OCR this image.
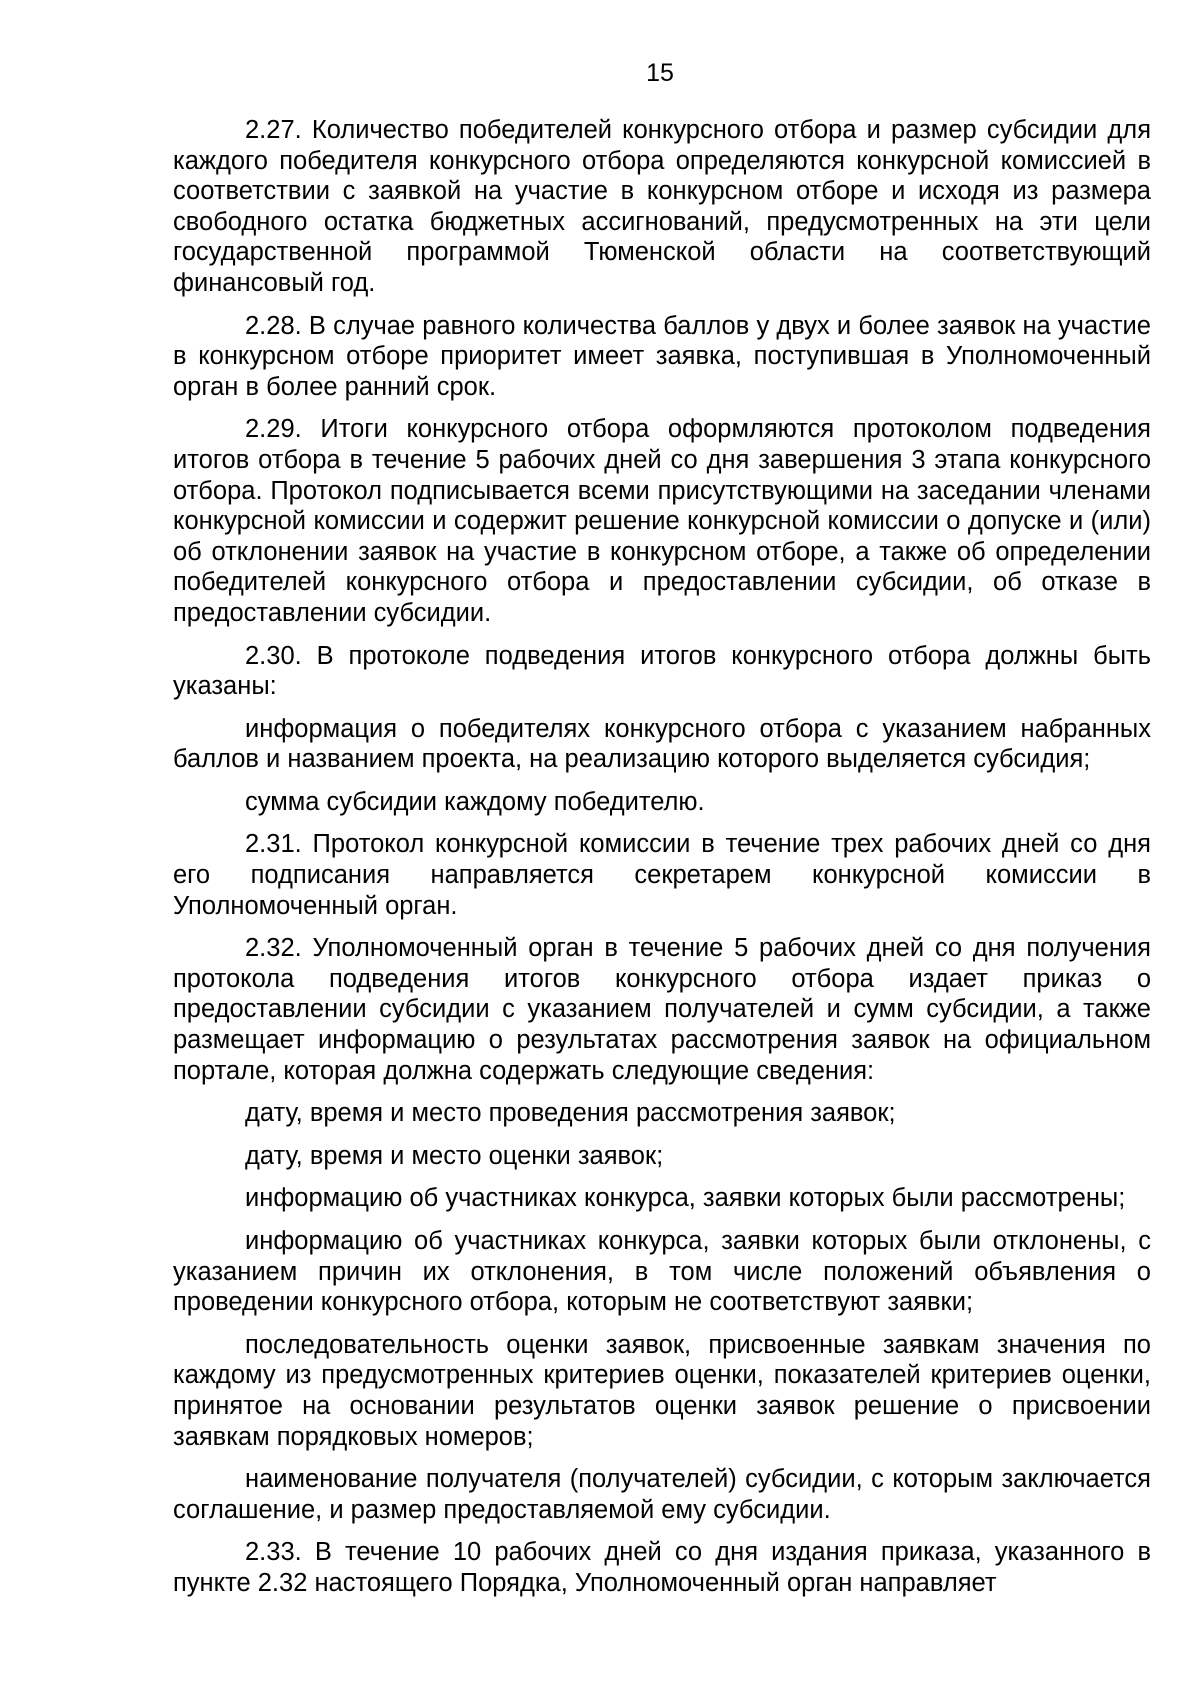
15

2.27. Количество победителей конкурсного отбора и размер субсидии для каждого победителя конкурсного отбора определяются конкурсной комиссией в соответствии с заявкой на участие в конкурсном отборе и исходя из размера свободного остатка бюджетных ассигнований, предусмотренных на эти цели государственной программой Тюменской области на соответствующий финансовый год.

2.28. В случае равного количества баллов у двух и более заявок на участие в конкурсном отборе приоритет имеет заявка, поступившая в Уполномоченный орган в более ранний срок.

2.29. Итоги конкурсного отбора оформляются протоколом подведения итогов отбора в течение 5 рабочих дней со дня завершения 3 этапа конкурсного отбора. Протокол подписывается всеми присутствующими на заседании членами конкурсной комиссии и содержит решение конкурсной комиссии о допуске и (или) об отклонении заявок на участие в конкурсном отборе, а также об определении победителей конкурсного отбора и предоставлении субсидии, об отказе в предоставлении субсидии.

2.30. В протоколе подведения итогов конкурсного отбора должны быть указаны:

информация о победителях конкурсного отбора с указанием набранных баллов и названием проекта, на реализацию которого выделяется субсидия;

сумма субсидии каждому победителю.

2.31. Протокол конкурсной комиссии в течение трех рабочих дней со дня его подписания направляется секретарем конкурсной комиссии в Уполномоченный орган.

2.32. Уполномоченный орган в течение 5 рабочих дней со дня получения протокола подведения итогов конкурсного отбора издает приказ о предоставлении субсидии с указанием получателей и сумм субсидии, а также размещает информацию о результатах рассмотрения заявок на официальном портале, которая должна содержать следующие сведения:

дату, время и место проведения рассмотрения заявок;

дату, время и место оценки заявок;

информацию об участниках конкурса, заявки которых были рассмотрены;

информацию об участниках конкурса, заявки которых были отклонены, с указанием причин их отклонения, в том числе положений объявления о проведении конкурсного отбора, которым не соответствуют заявки;

последовательность оценки заявок, присвоенные заявкам значения по каждому из предусмотренных критериев оценки, показателей критериев оценки, принятое на основании результатов оценки заявок решение о присвоении заявкам порядковых номеров;

наименование получателя (получателей) субсидии, с которым заключается соглашение, и размер предоставляемой ему субсидии.

2.33. В течение 10 рабочих дней со дня издания приказа, указанного в пункте 2.32 настоящего Порядка, Уполномоченный орган направляет
